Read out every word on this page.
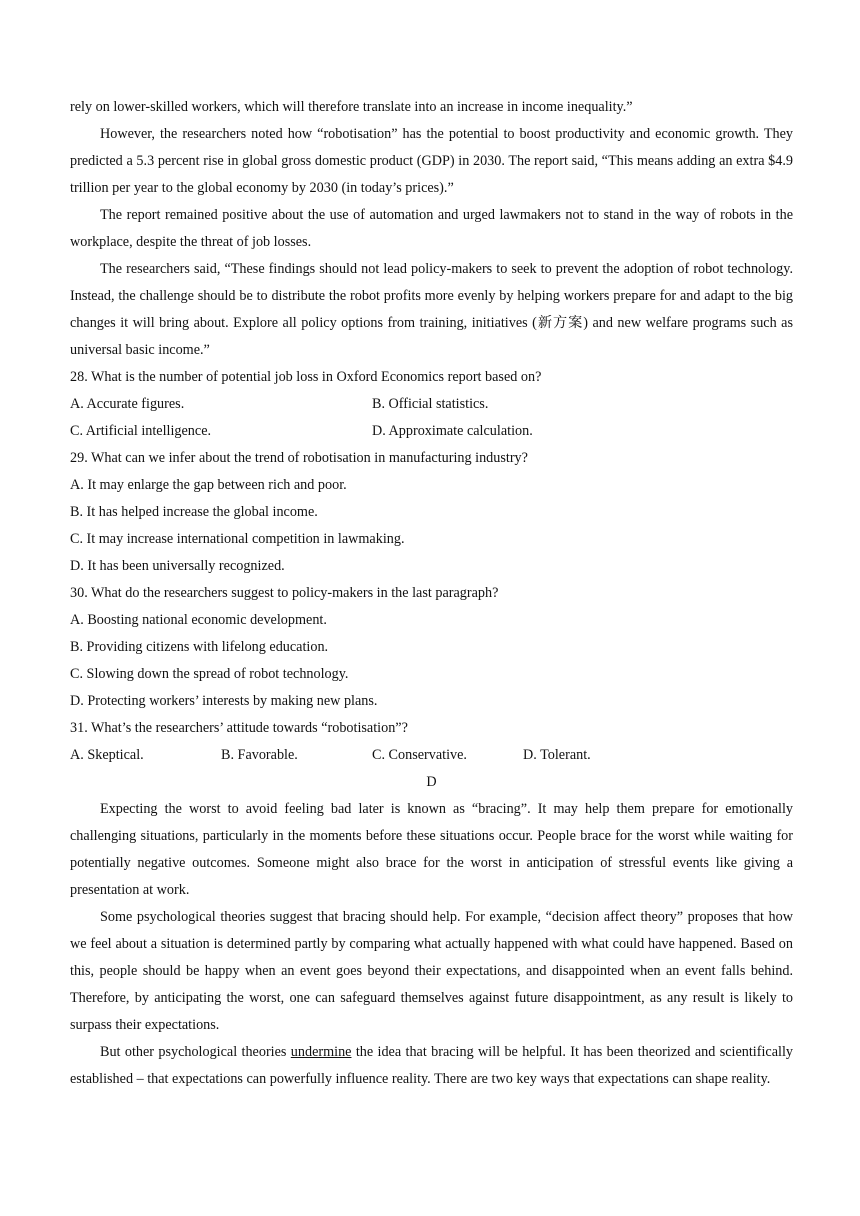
rely on lower-skilled workers, which will therefore translate into an increase in income inequality.”

However, the researchers noted how “robotisation” has the potential to boost productivity and economic growth. They predicted a 5.3 percent rise in global gross domestic product (GDP) in 2030. The report said, “This means adding an extra $4.9 trillion per year to the global economy by 2030 (in today’s prices).”

The report remained positive about the use of automation and urged lawmakers not to stand in the way of robots in the workplace, despite the threat of job losses.

The researchers said, “These findings should not lead policy-makers to seek to prevent the adoption of robot technology. Instead, the challenge should be to distribute the robot profits more evenly by helping workers prepare for and adapt to the big changes it will bring about. Explore all policy options from training, initiatives (新方案) and new welfare programs such as universal basic income.”

28. What is the number of potential job loss in Oxford Economics report based on?

A. Accurate figures.	B. Official statistics.
C. Artificial intelligence.	D. Approximate calculation.

29. What can we infer about the trend of robotisation in manufacturing industry?

A. It may enlarge the gap between rich and poor.

B. It has helped increase the global income.

C. It may increase international competition in lawmaking.

D. It has been universally recognized.

30. What do the researchers suggest to policy-makers in the last paragraph?

A. Boosting national economic development.

B. Providing citizens with lifelong education.

C. Slowing down the spread of robot technology.

D. Protecting workers’ interests by making new plans.

31. What’s the researchers’ attitude towards “robotisation”?

A. Skeptical.	B. Favorable.	C. Conservative.	D. Tolerant.

D

Expecting the worst to avoid feeling bad later is known as “bracing”. It may help them prepare for emotionally challenging situations, particularly in the moments before these situations occur. People brace for the worst while waiting for potentially negative outcomes. Someone might also brace for the worst in anticipation of stressful events like giving a presentation at work.

Some psychological theories suggest that bracing should help. For example, “decision affect theory” proposes that how we feel about a situation is determined partly by comparing what actually happened with what could have happened. Based on this, people should be happy when an event goes beyond their expectations, and disappointed when an event falls behind. Therefore, by anticipating the worst, one can safeguard themselves against future disappointment, as any result is likely to surpass their expectations.

But other psychological theories undermine the idea that bracing will be helpful. It has been theorized and scientifically established – that expectations can powerfully influence reality. There are two key ways that expectations can shape reality.
